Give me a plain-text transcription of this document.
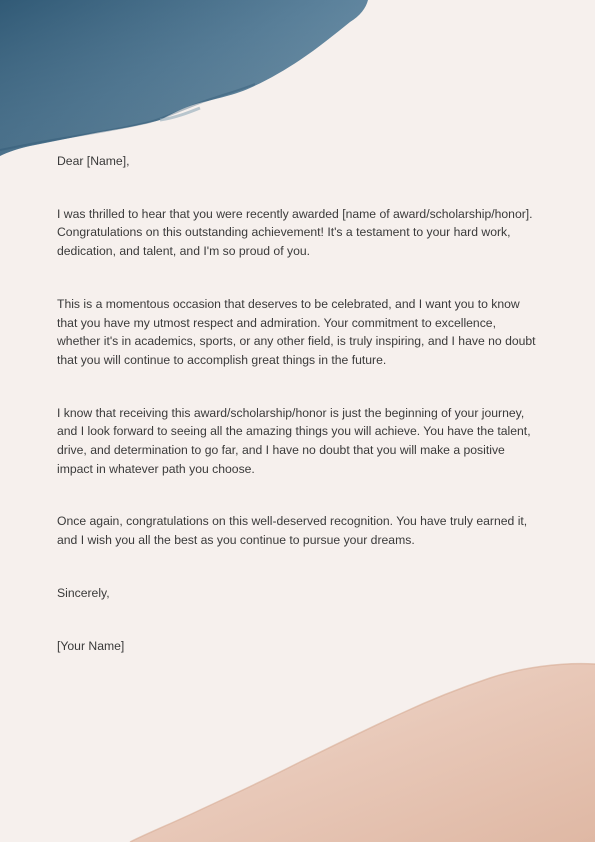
Dear [Name],

I was thrilled to hear that you were recently awarded [name of award/scholarship/honor]. Congratulations on this outstanding achievement! It's a testament to your hard work, dedication, and talent, and I'm so proud of you.

This is a momentous occasion that deserves to be celebrated, and I want you to know that you have my utmost respect and admiration. Your commitment to excellence, whether it's in academics, sports, or any other field, is truly inspiring, and I have no doubt that you will continue to accomplish great things in the future.

I know that receiving this award/scholarship/honor is just the beginning of your journey, and I look forward to seeing all the amazing things you will achieve. You have the talent, drive, and determination to go far, and I have no doubt that you will make a positive impact in whatever path you choose.

Once again, congratulations on this well-deserved recognition. You have truly earned it, and I wish you all the best as you continue to pursue your dreams.

Sincerely,

[Your Name]
